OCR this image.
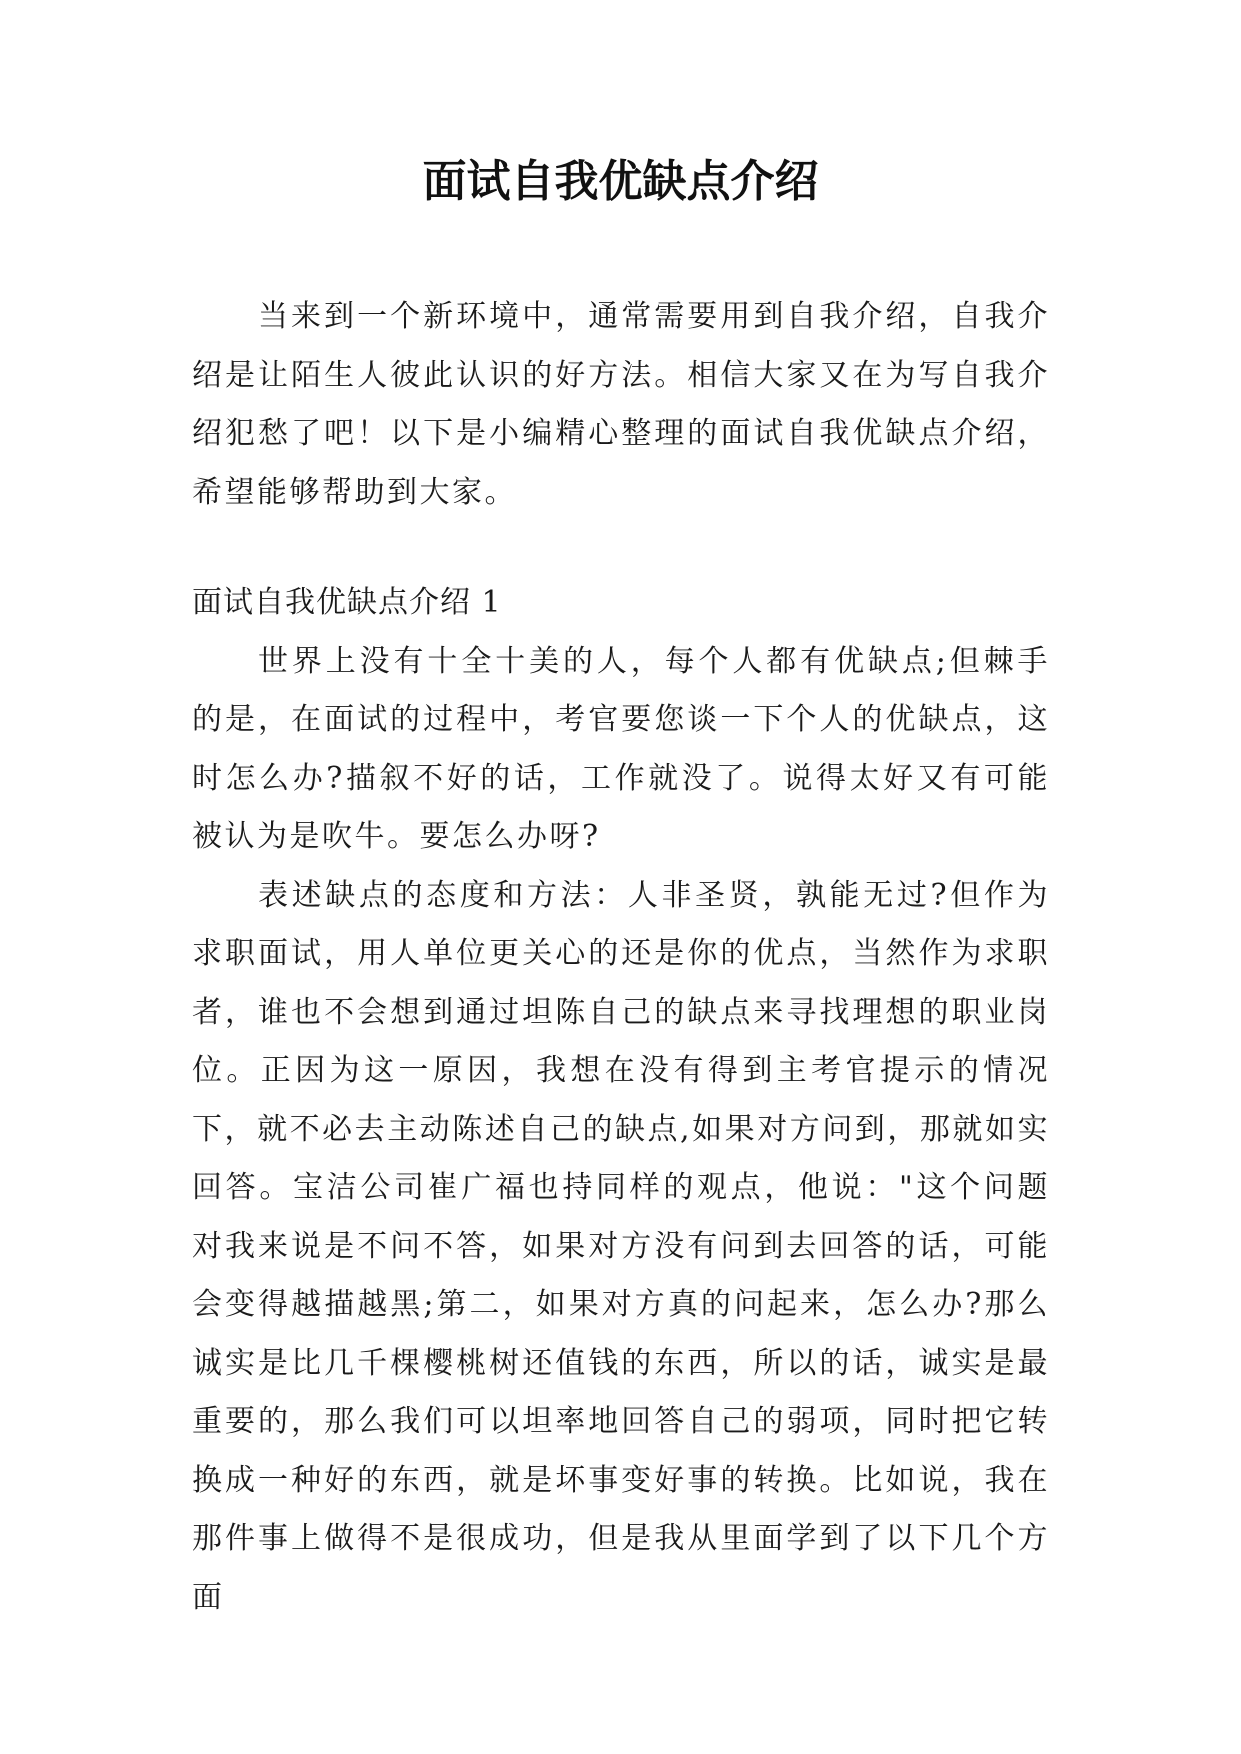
面试自我优缺点介绍

当来到一个新环境中，通常需要用到自我介绍，自我介绍是让陌生人彼此认识的好方法。相信大家又在为写自我介绍犯愁了吧！以下是小编精心整理的面试自我优缺点介绍，希望能够帮助到大家。

面试自我优缺点介绍 1

世界上没有十全十美的人，每个人都有优缺点;但棘手的是，在面试的过程中，考官要您谈一下个人的优缺点，这时怎么办?描叙不好的话，工作就没了。说得太好又有可能被认为是吹牛。要怎么办呀?

表述缺点的态度和方法：人非圣贤，孰能无过?但作为求职面试，用人单位更关心的还是你的优点，当然作为求职者，谁也不会想到通过坦陈自己的缺点来寻找理想的职业岗位。正因为这一原因，我想在没有得到主考官提示的情况下，就不必去主动陈述自己的缺点,如果对方问到，那就如实回答。宝洁公司崔广福也持同样的观点，他说："这个问题对我来说是不问不答，如果对方没有问到去回答的话，可能会变得越描越黑;第二，如果对方真的问起来，怎么办?那么诚实是比几千棵樱桃树还值钱的东西，所以的话，诚实是最重要的，那么我们可以坦率地回答自己的弱项，同时把它转换成一种好的东西，就是坏事变好事的转换。比如说，我在那件事上做得不是很成功，但是我从里面学到了以下几个方面
